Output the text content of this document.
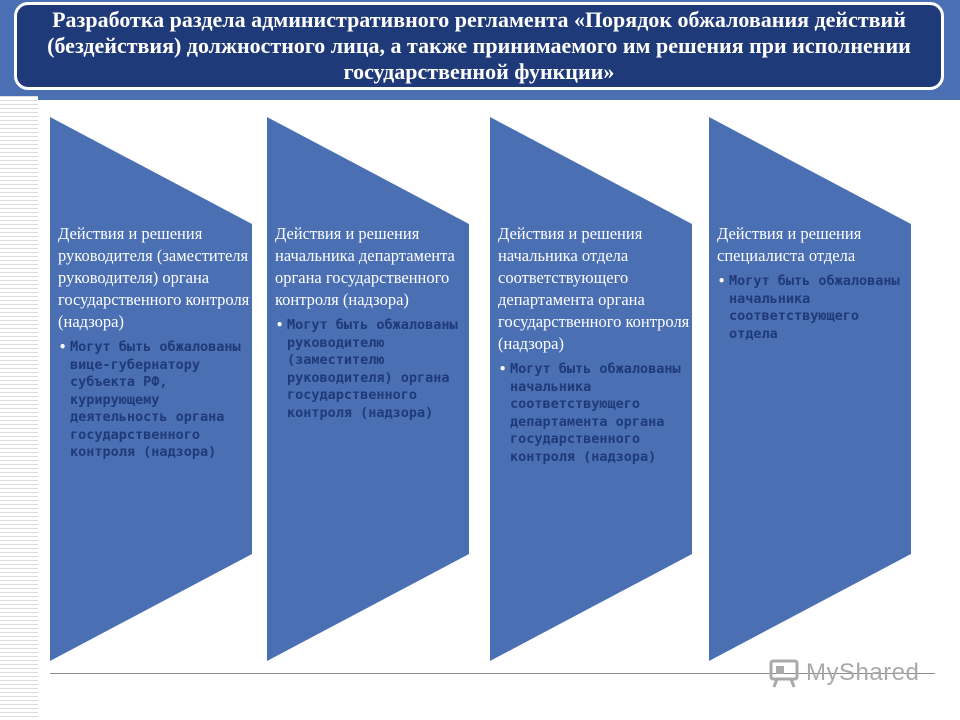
Разработка раздела административного регламента «Порядок обжалования действий (бездействия) должностного лица, а также принимаемого им решения при исполнении государственной функции»

Действия и решения руководителя (заместителя руководителя) органа государственного контроля (надзора)

• Могут быть обжалованы вице-губернатору субъекта РФ, курирующему деятельность органа государственного контроля (надзора)

Действия и решения начальника департамента органа государственного контроля (надзора)

• Могут быть обжалованы руководителю (заместителю руководителя) органа государственного контроля (надзора)

Действия и решения начальника отдела соответствующего департамента органа государственного контроля (надзора)

• Могут быть обжалованы начальника соответствующего департамента органа государственного контроля (надзора)

Действия и решения специалиста отдела

• Могут быть обжалованы начальника соответствующего отдела
MyShared
